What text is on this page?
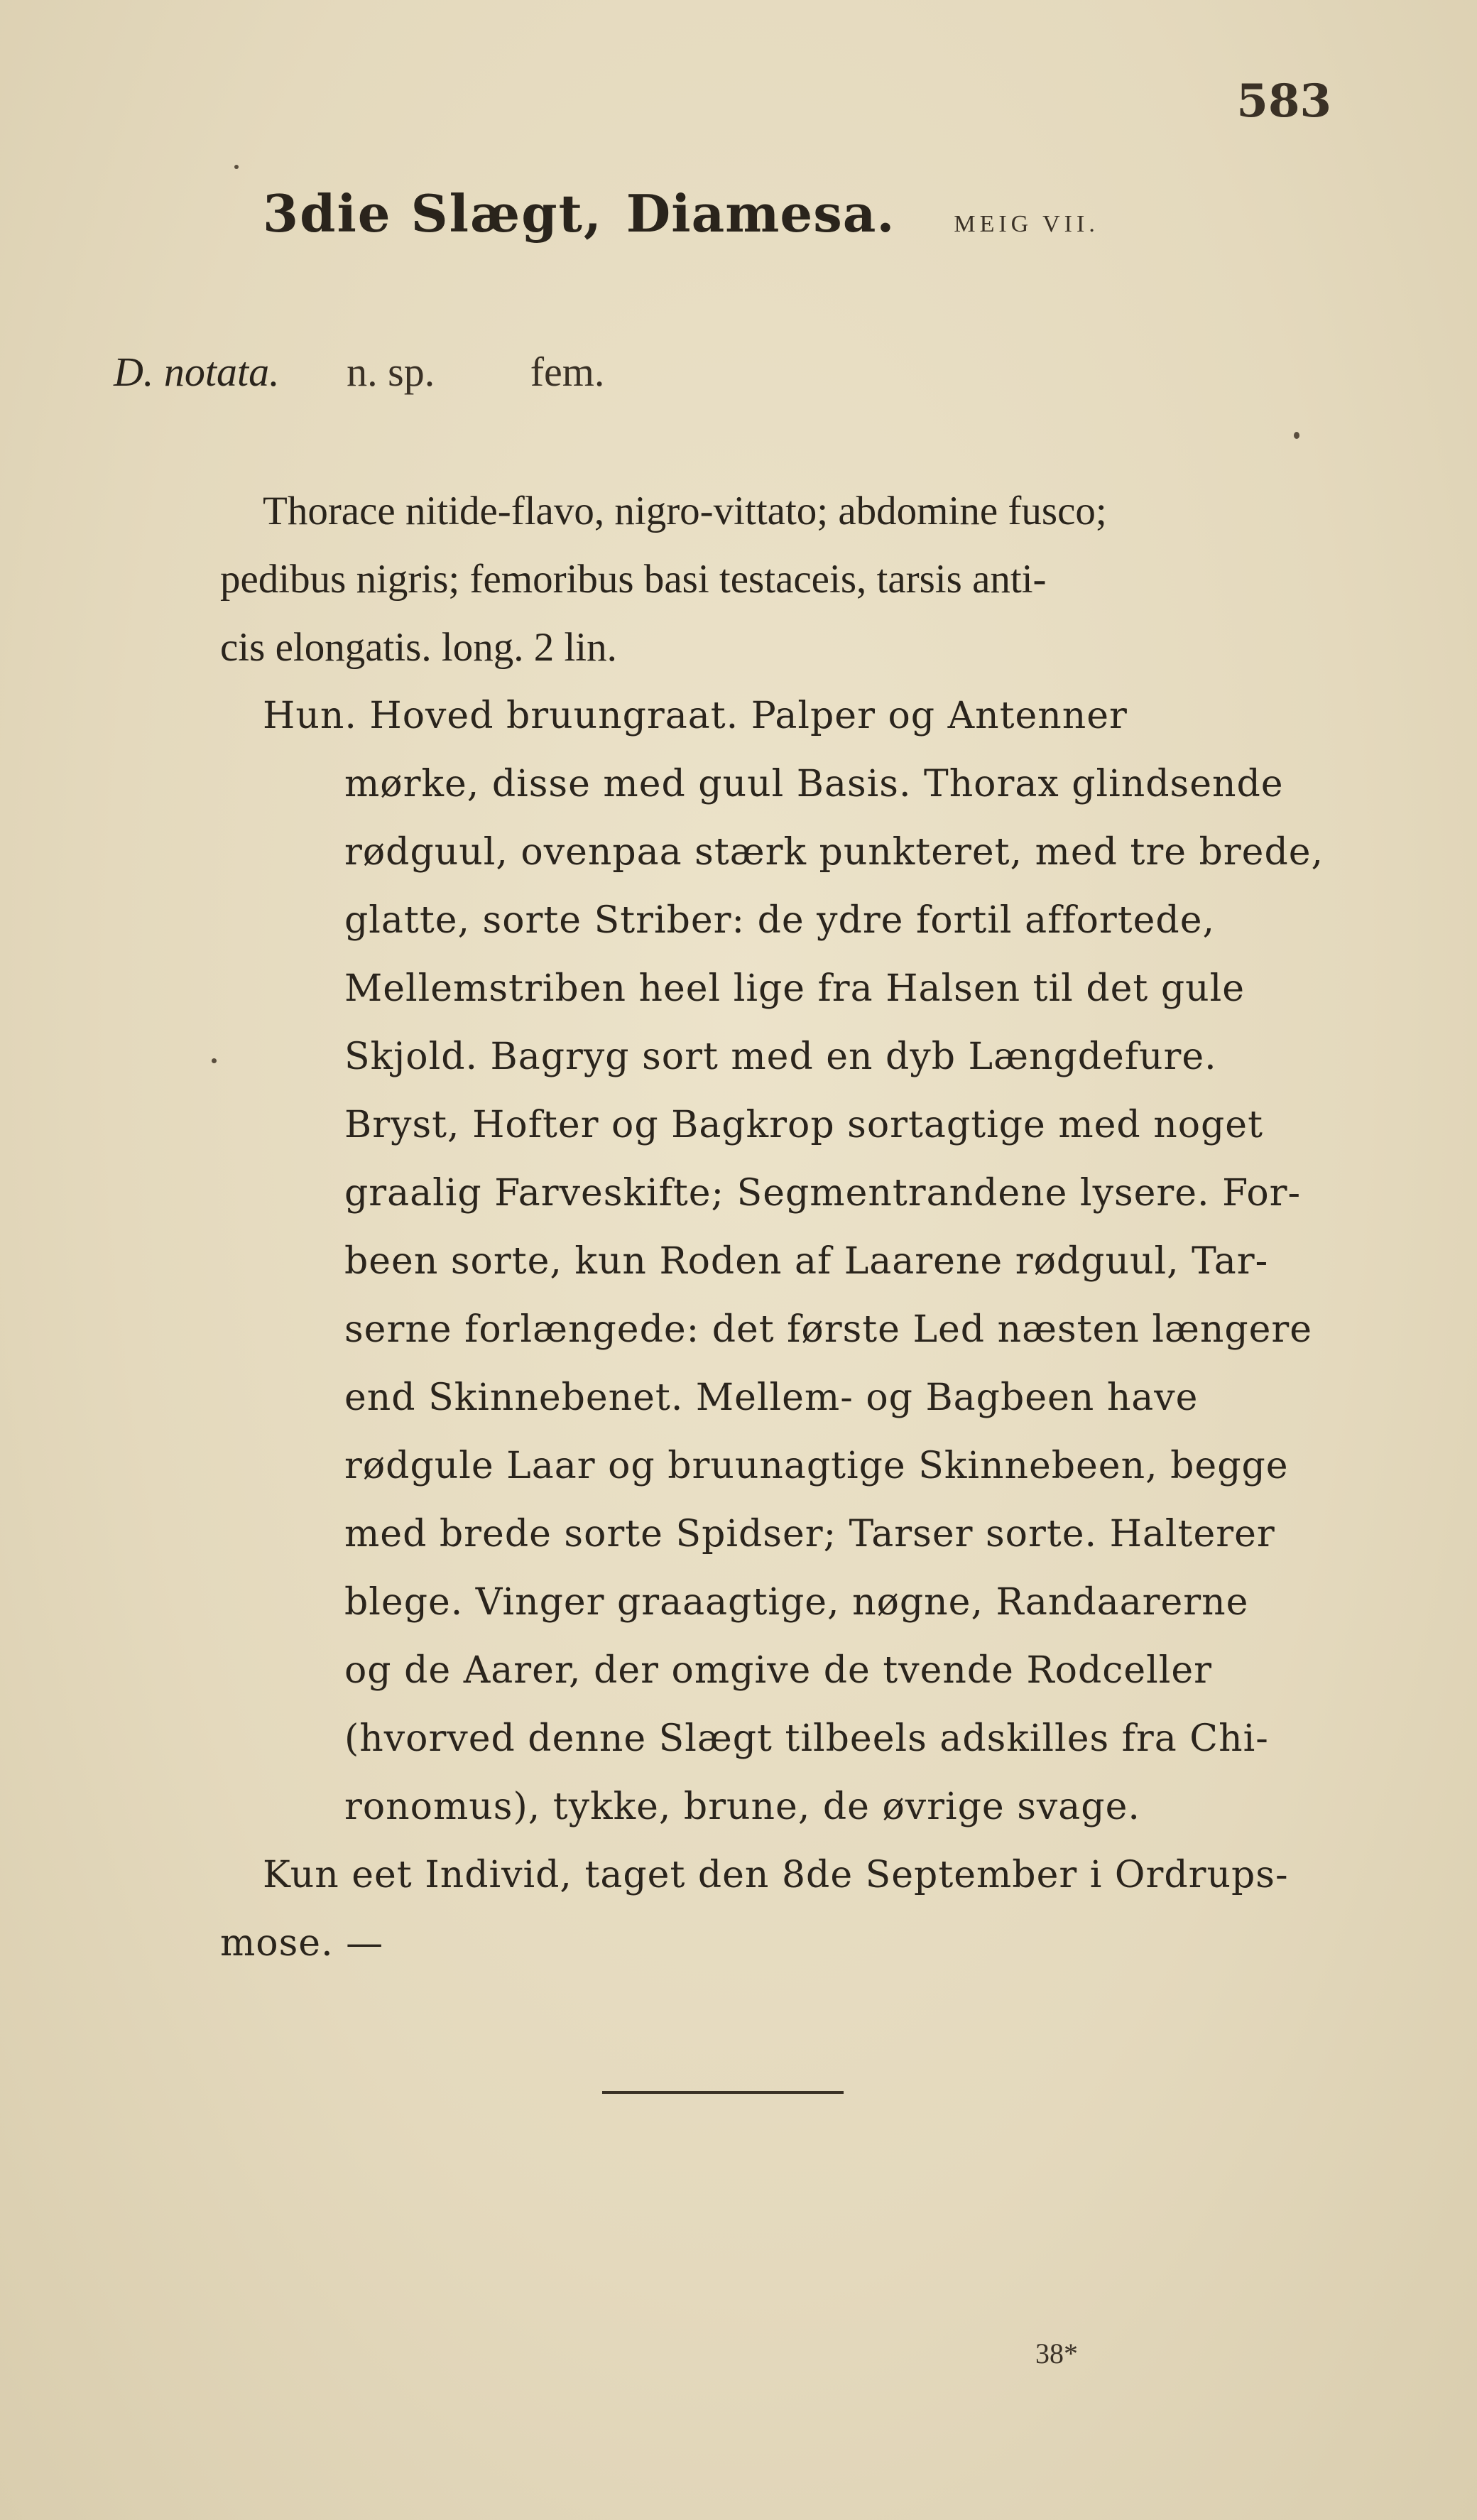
583
3die Slægt, Diamesa. MEIG VII.
D. notata. n. sp. fem.
Thorace nitide-flavo, nigro-vittato; abdomine fusco;
pedibus nigris; femoribus basi testaceis, tarsis anti-
cis elongatis. long. 2 lin.
Hun. Hoved bruungraat. Palper og Antenner
mørke, disse med guul Basis. Thorax glindsende
rødguul, ovenpaa stærk punkteret, med tre brede,
glatte, sorte Striber: de ydre fortil affortede,
Mellemstriben heel lige fra Halsen til det gule
Skjold. Bagryg sort med en dyb Længdefure.
Bryst, Hofter og Bagkrop sortagtige med noget
graalig Farveskifte; Segmentrandene lysere. For-
been sorte, kun Roden af Laarene rødguul, Tar-
serne forlængede: det første Led næsten længere
end Skinnebenet. Mellem- og Bagbeen have
rødgule Laar og bruunagtige Skinnebeen, begge
med brede sorte Spidser; Tarser sorte. Halterer
blege. Vinger graaagtige, nøgne, Randaarerne
og de Aarer, der omgive de tvende Rodceller
(hvorved denne Slægt tilbeels adskilles fra Chi-
ronomus), tykke, brune, de øvrige svage.
Kun eet Individ, taget den 8de September i Ordrups-
mose. —
38*
